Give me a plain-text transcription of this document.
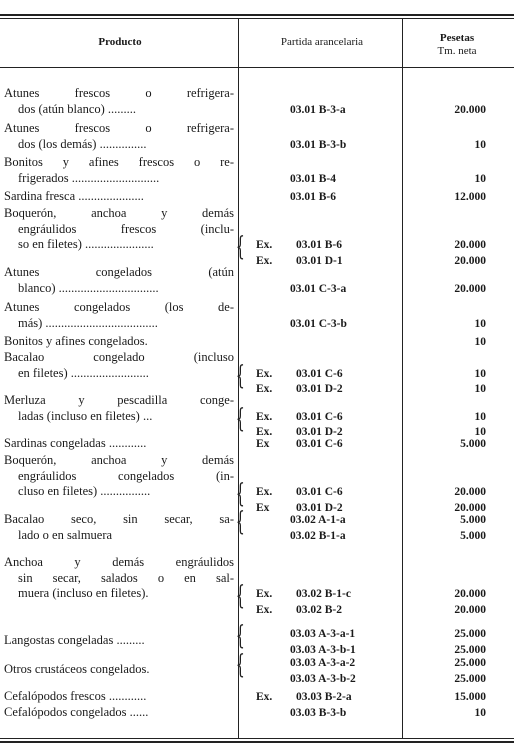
Producto	Partida arancelaria	Pesetas
Tm. neta
Atunes frescos o refrigera-
dos (atún blanco) .........	03.01 B-3-a	20.000
Atunes frescos o refrigera-
dos (los demás) ...............	03.01 B-3-b	10
Bonitos y afines frescos o re-
frigerados ............................	03.01 B-4	10
Sardina fresca .....................	03.01 B-6	12.000
Boquerón, anchoa y demás
engráulidos frescos (inclu-
so en filetes) ......................	Ex. 03.01 B-6	20.000
Ex. 03.01 D-1	20.000
{
Atunes congelados (atún
blanco) ................................	03.01 C-3-a	20.000
Atunes congelados (los de-
más) ....................................	03.01 C-3-b	10
Bonitos y afines congelados.	10
Bacalao congelado (incluso
en filetes) .........................	Ex. 03.01 C-6	10
Ex. 03.01 D-2	10
{
Merluza y pescadilla conge-
ladas (incluso en filetes) ...	Ex. 03.01 C-6	10
Ex. 03.01 D-2	10
{
Sardinas congeladas ............	Ex 03.01 C-6	5.000
Boquerón, anchoa y demás
engráulidos congelados (in-
cluso en filetes) ................	Ex. 03.01 C-6	20.000
Ex 03.01 D-2	20.000
{
Bacalao seco, sin secar, sa-
lado o en salmuera
03.02 A-1-a	5.000
03.02 B-1-a	5.000
{
Anchoa y demás engráulidos
sin secar, salados o en sal-
muera (incluso en filetes).	Ex. 03.02 B-1-c	20.000
Ex. 03.02 B-2	20.000
{
Langostas congeladas .........	03.03 A-3-a-1	25.000
03.03 A-3-b-1	25.000
{
Otros crustáceos congelados.	03.03 A-3-a-2	25.000
03.03 A-3-b-2	25.000
{
Cefalópodos frescos ............	Ex. 03.03 B-2-a	15.000
Cefalópodos congelados ......	03.03 B-3-b	10
